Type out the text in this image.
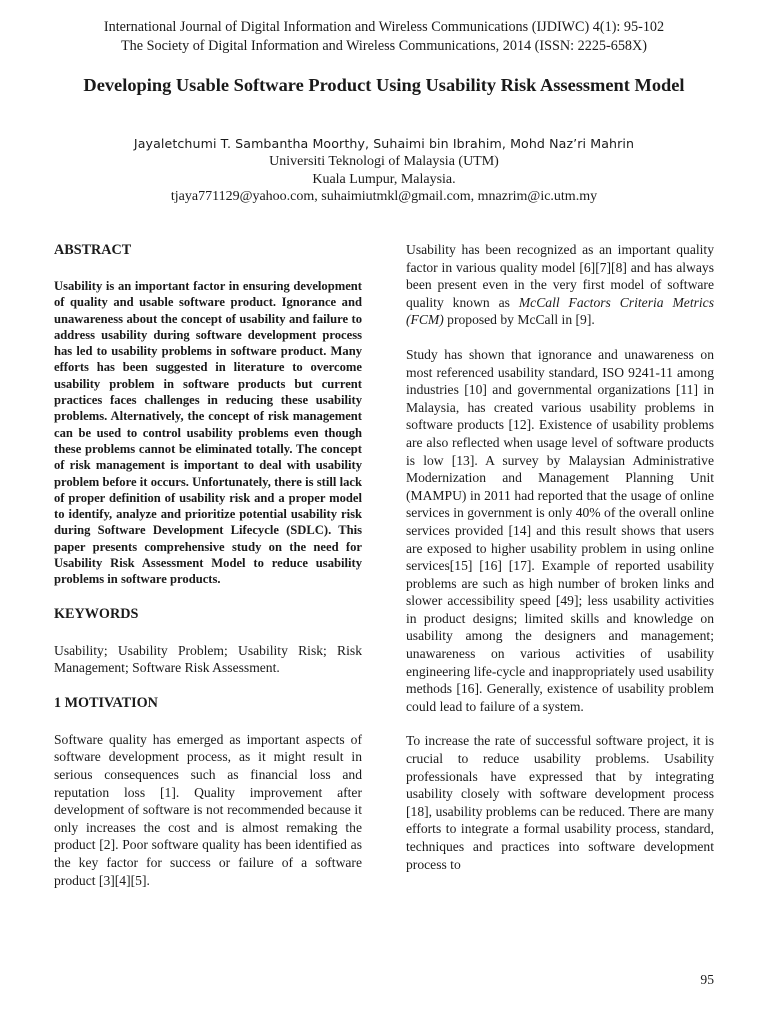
International Journal of Digital Information and Wireless Communications (IJDIWC) 4(1): 95-102
The Society of Digital Information and Wireless Communications, 2014 (ISSN: 2225-658X)
Developing Usable Software Product Using Usability Risk Assessment Model
Jayaletchumi T. Sambantha Moorthy, Suhaimi bin Ibrahim, Mohd Naz’ri Mahrin
Universiti Teknologi of Malaysia (UTM)
Kuala Lumpur, Malaysia.
tjaya771129@yahoo.com, suhaimiutmkl@gmail.com, mnazrim@ic.utm.my
ABSTRACT

Usability is an important factor in ensuring development of quality and usable software product. Ignorance and unawareness about the concept of usability and failure to address usability during software development process has led to usability problems in software product. Many efforts has been suggested in literature to overcome usability problem in software products but current practices faces challenges in reducing these usability problems. Alternatively, the concept of risk management can be used to control usability problems even though these problems cannot be eliminated totally. The concept of risk management is important to deal with usability problem before it occurs. Unfortunately, there is still lack of proper definition of usability risk and a proper model to identify, analyze and prioritize potential usability risk during Software Development Lifecycle (SDLC). This paper presents comprehensive study on the need for Usability Risk Assessment Model to reduce usability problems in software products.

KEYWORDS

Usability; Usability Problem; Usability Risk; Risk Management; Software Risk Assessment.

1 MOTIVATION

Software quality has emerged as important aspects of software development process, as it might result in serious consequences such as financial loss and reputation loss [1]. Quality improvement after development of software is not recommended because it only increases the cost and is almost remaking the product [2]. Poor software quality has been identified as the key factor for success or failure of a software product [3][4][5].

Usability has been recognized as an important quality factor in various quality model [6][7][8] and has always been present even in the very first model of software quality known as McCall Factors Criteria Metrics (FCM) proposed by McCall in [9].

Study has shown that ignorance and unawareness on most referenced usability standard, ISO 9241-11 among industries [10] and governmental organizations [11] in Malaysia, has created various usability problems in software products [12]. Existence of usability problems are also reflected when usage level of software products is low [13]. A survey by Malaysian Administrative Modernization and Management Planning Unit (MAMPU) in 2011 had reported that the usage of online services in government is only 40% of the overall online services provided [14] and this result shows that users are exposed to higher usability problem in using online services[15] [16] [17]. Example of reported usability problems are such as high number of broken links and slower accessibility speed [49]; less usability activities in product designs; limited skills and knowledge on usability among the designers and management; unawareness on various activities of usability engineering life-cycle and inappropriately used usability methods [16]. Generally, existence of usability problem could lead to failure of a system.

To increase the rate of successful software project, it is crucial to reduce usability problems. Usability professionals have expressed that by integrating usability closely with software development process [18], usability problems can be reduced. There are many efforts to integrate a formal usability process, standard, techniques and practices into software development process to

95
